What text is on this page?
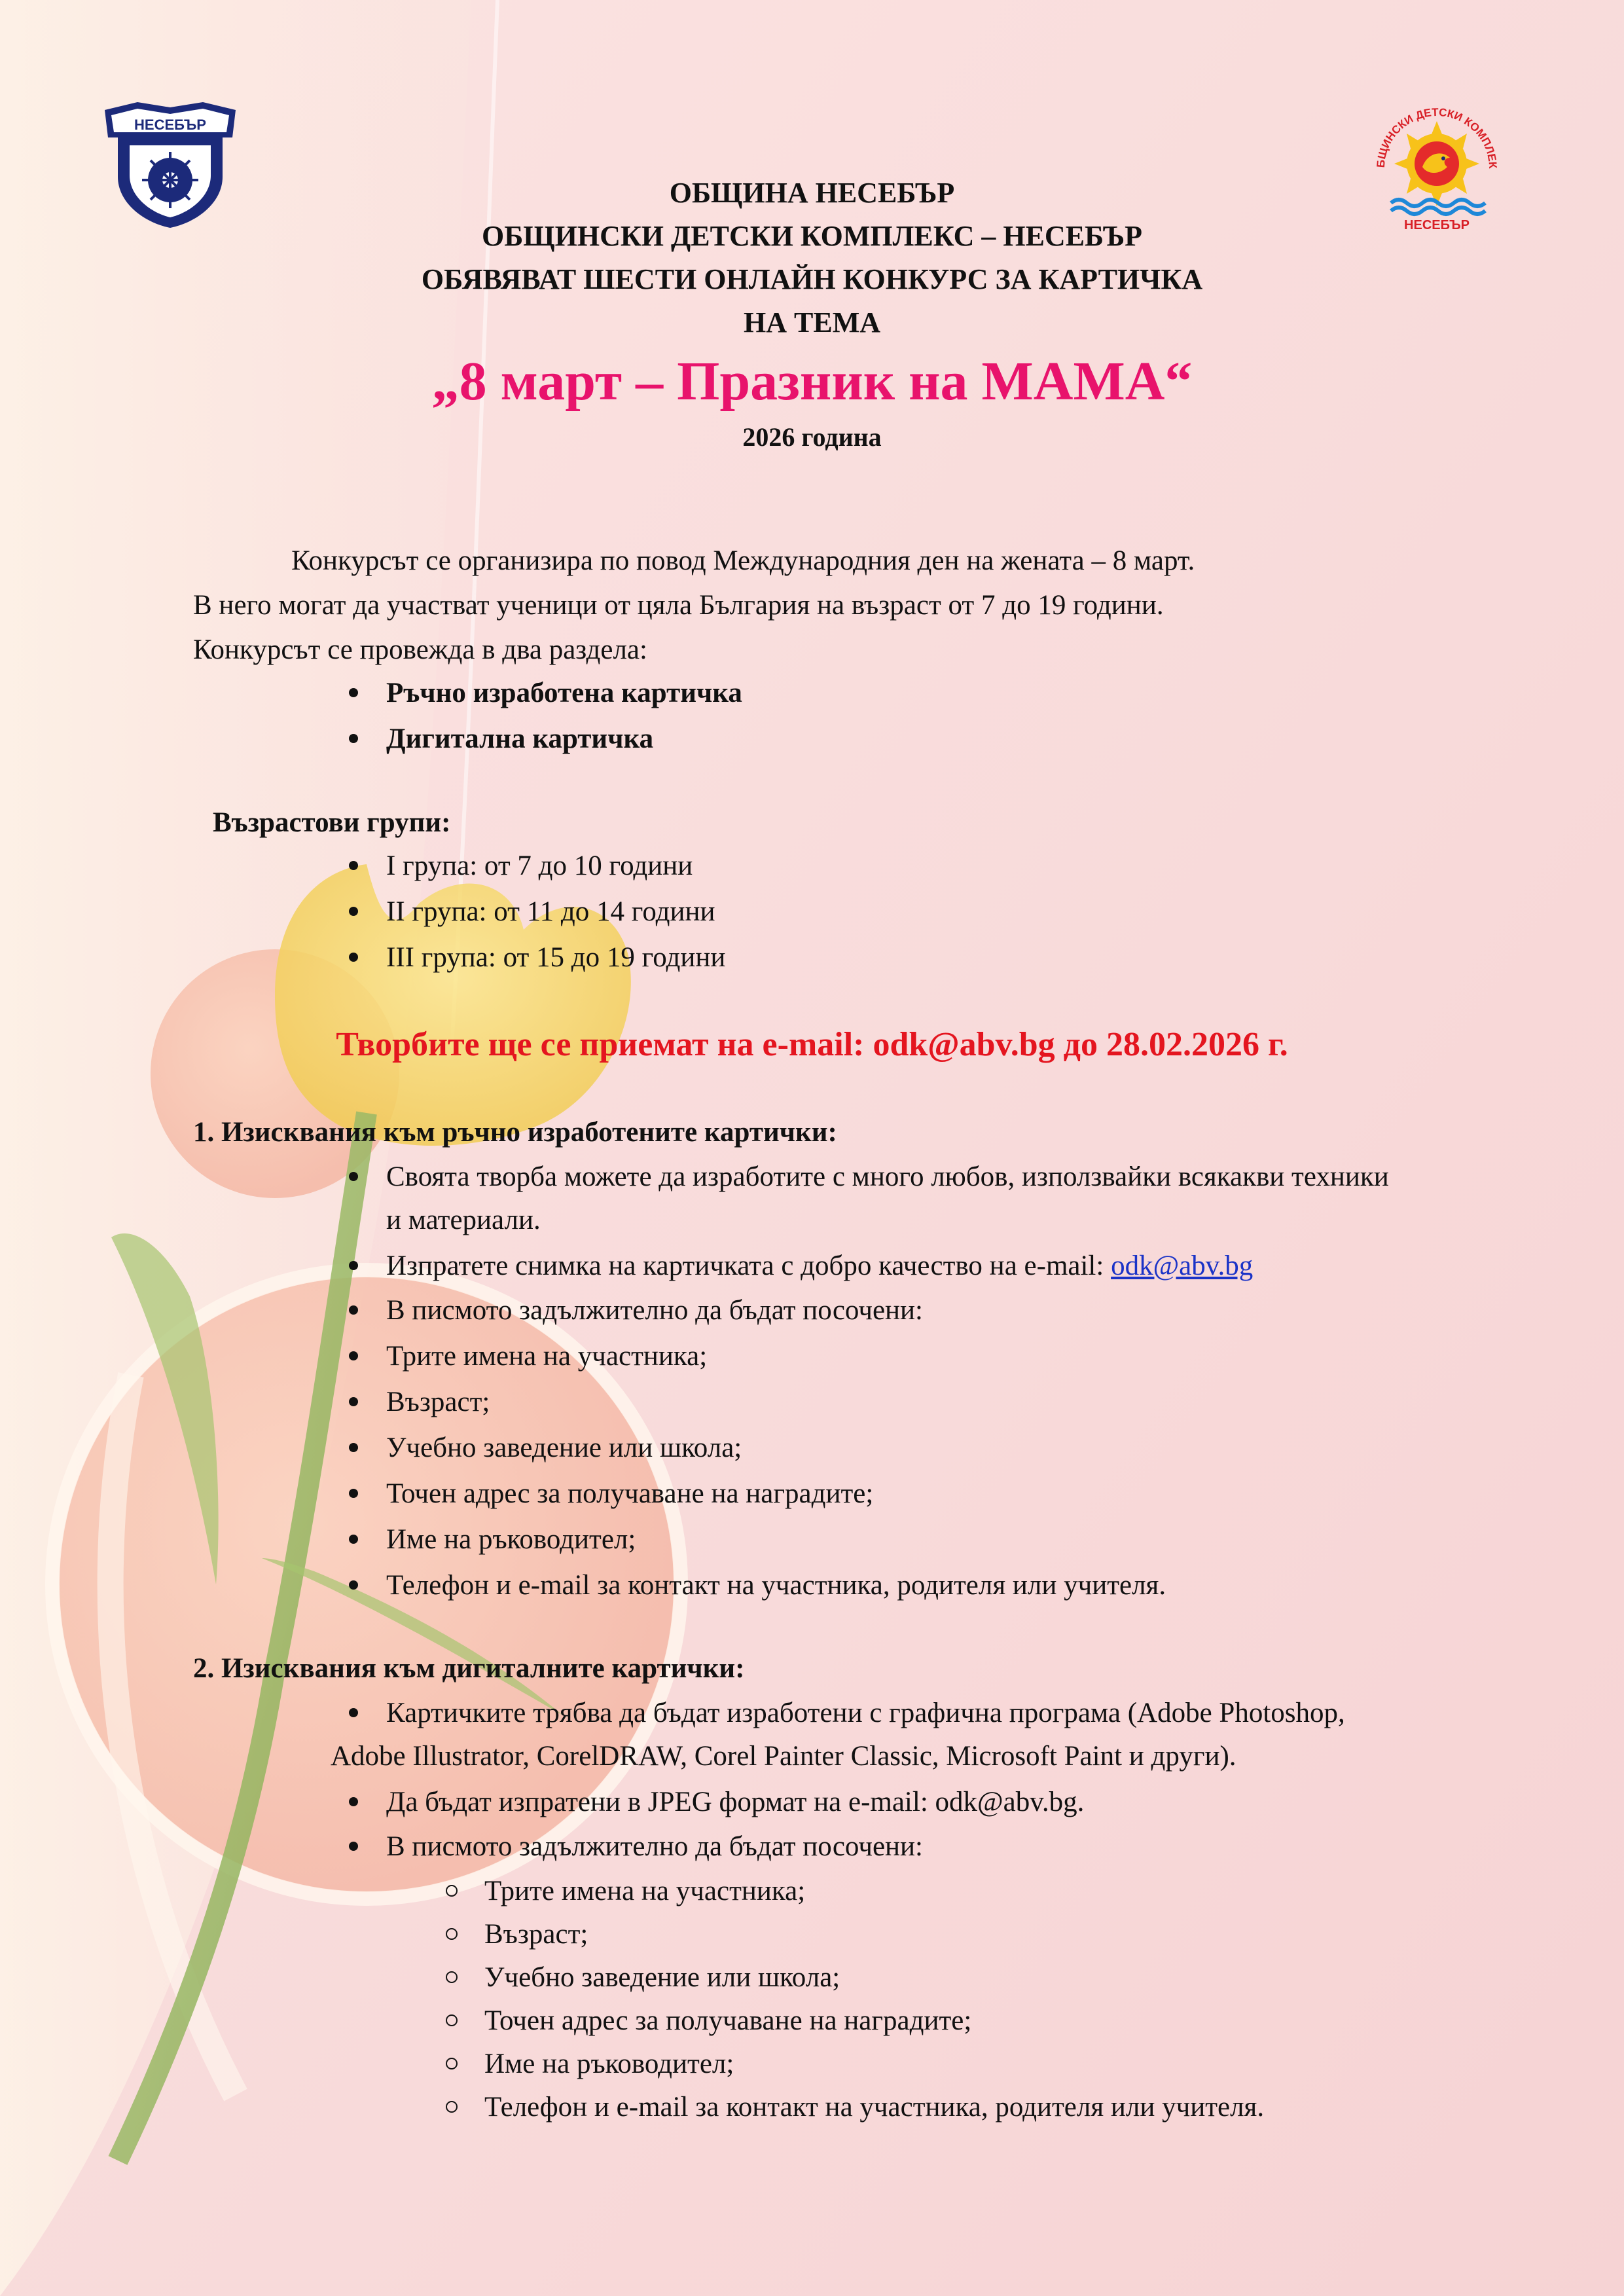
НЕСЕБЪР
БЩИНСКИ ДЕТСКИ КОМПЛЕК
НЕСЕБЪР
ОБЩИНА НЕСЕБЪР
ОБЩИНСКИ ДЕТСКИ КОМПЛЕКС – НЕСЕБЪР
ОБЯВЯВАТ ШЕСТИ ОНЛАЙН КОНКУРС ЗА КАРТИЧКА
НА ТЕМА
„8 март – Празник на МАМА“
2026 година
Конкурсът се организира по повод Международния ден на жената – 8 март.
В него могат да участват ученици от цяла България на възраст от 7 до 19 години.
Конкурсът се провежда в два раздела:
Ръчно изработена картичка
Дигитална картичка
Възрастови групи:
I група: от 7 до 10 години
II група: от 11 до 14 години
III група: от 15 до 19 години
Творбите ще се приемат на e-mail: odk@abv.bg до 28.02.2026 г.
1. Изисквания към ръчно изработените картички:
Своята творба можете да изработите с много любов, използвайки всякакви техники
и материали.
Изпратете снимка на картичката с добро качество на e-mail: odk@abv.bg
В писмото задължително да бъдат посочени:
Трите имена на участника;
Възраст;
Учебно заведение или школа;
Точен адрес за получаване на наградите;
Име на ръководител;
Телефон и e-mail за контакт на участника, родителя или учителя.
2. Изисквания към дигиталните картички:
Картичките трябва да бъдат изработени с графична програма (Adobe Photoshop,
Adobe Illustrator, CorelDRAW, Corel Painter Classic, Microsoft Paint и други).
Да бъдат изпратени в JPEG формат на e-mail: odk@abv.bg.
В писмото задължително да бъдат посочени:
Трите имена на участника;
Възраст;
Учебно заведение или школа;
Точен адрес за получаване на наградите;
Име на ръководител;
Телефон и e-mail за контакт на участника, родителя или учителя.
